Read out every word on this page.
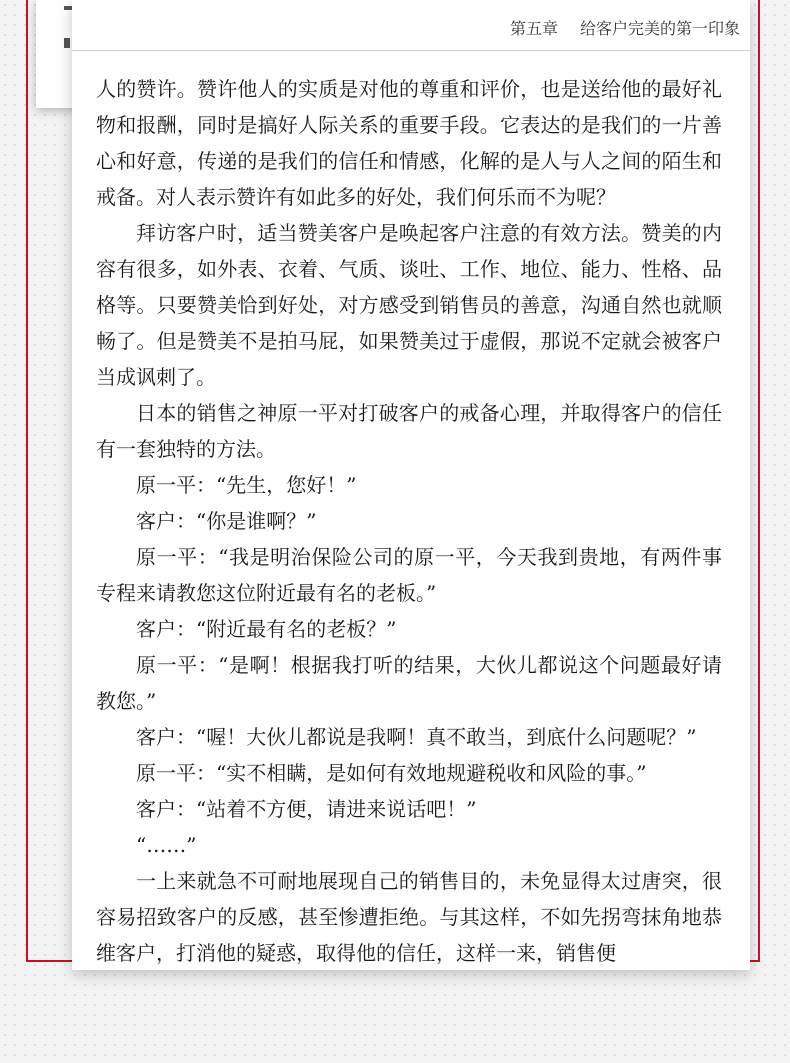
第五章 给客户完美的第一印象

人的赞许。赞许他人的实质是对他的尊重和评价，也是送给他的最好礼物和报酬，同时是搞好人际关系的重要手段。它表达的是我们的一片善心和好意，传递的是我们的信任和情感，化解的是人与人之间的陌生和戒备。对人表示赞许有如此多的好处，我们何乐而不为呢？

拜访客户时，适当赞美客户是唤起客户注意的有效方法。赞美的内容有很多，如外表、衣着、气质、谈吐、工作、地位、能力、性格、品格等。只要赞美恰到好处，对方感受到销售员的善意，沟通自然也就顺畅了。但是赞美不是拍马屁，如果赞美过于虚假，那说不定就会被客户当成讽刺了。

日本的销售之神原一平对打破客户的戒备心理，并取得客户的信任有一套独特的方法。

原一平：“先生，您好！”

客户：“你是谁啊？”

原一平：“我是明治保险公司的原一平，今天我到贵地，有两件事专程来请教您这位附近最有名的老板。”

客户：“附近最有名的老板？”

原一平：“是啊！根据我打听的结果，大伙儿都说这个问题最好请教您。”

客户：“喔！大伙儿都说是我啊！真不敢当，到底什么问题呢？”

原一平：“实不相瞒，是如何有效地规避税收和风险的事。”

客户：“站着不方便，请进来说话吧！”

“……”

一上来就急不可耐地展现自己的销售目的，未免显得太过唐突，很容易招致客户的反感，甚至惨遭拒绝。与其这样，不如先拐弯抹角地恭维客户，打消他的疑惑，取得他的信任，这样一来，销售便
